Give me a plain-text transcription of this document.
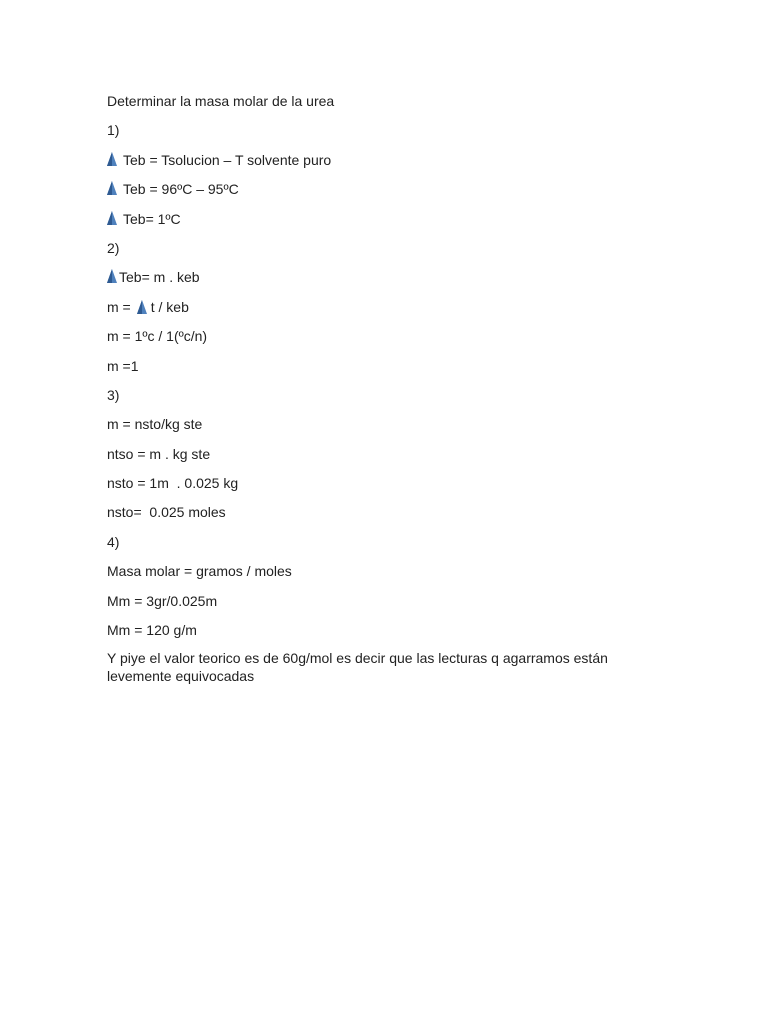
Determinar la masa molar de la urea
1)
Teb = Tsolucion – T solvente puro
Teb = 96ºC – 95ºC
Teb= 1ºC
2)
Teb= m . keb
m = t / keb
m = 1ºc / 1(ºc/n)
m =1
3)
m = nsto/kg ste
ntso = m . kg ste
nsto = 1m  . 0.025 kg
nsto=  0.025 moles
4)
Masa molar = gramos / moles
Mm = 3gr/0.025m
Mm = 120 g/m
Y piye el valor teorico es de 60g/mol es decir que las lecturas q agarramos están levemente equivocadas
